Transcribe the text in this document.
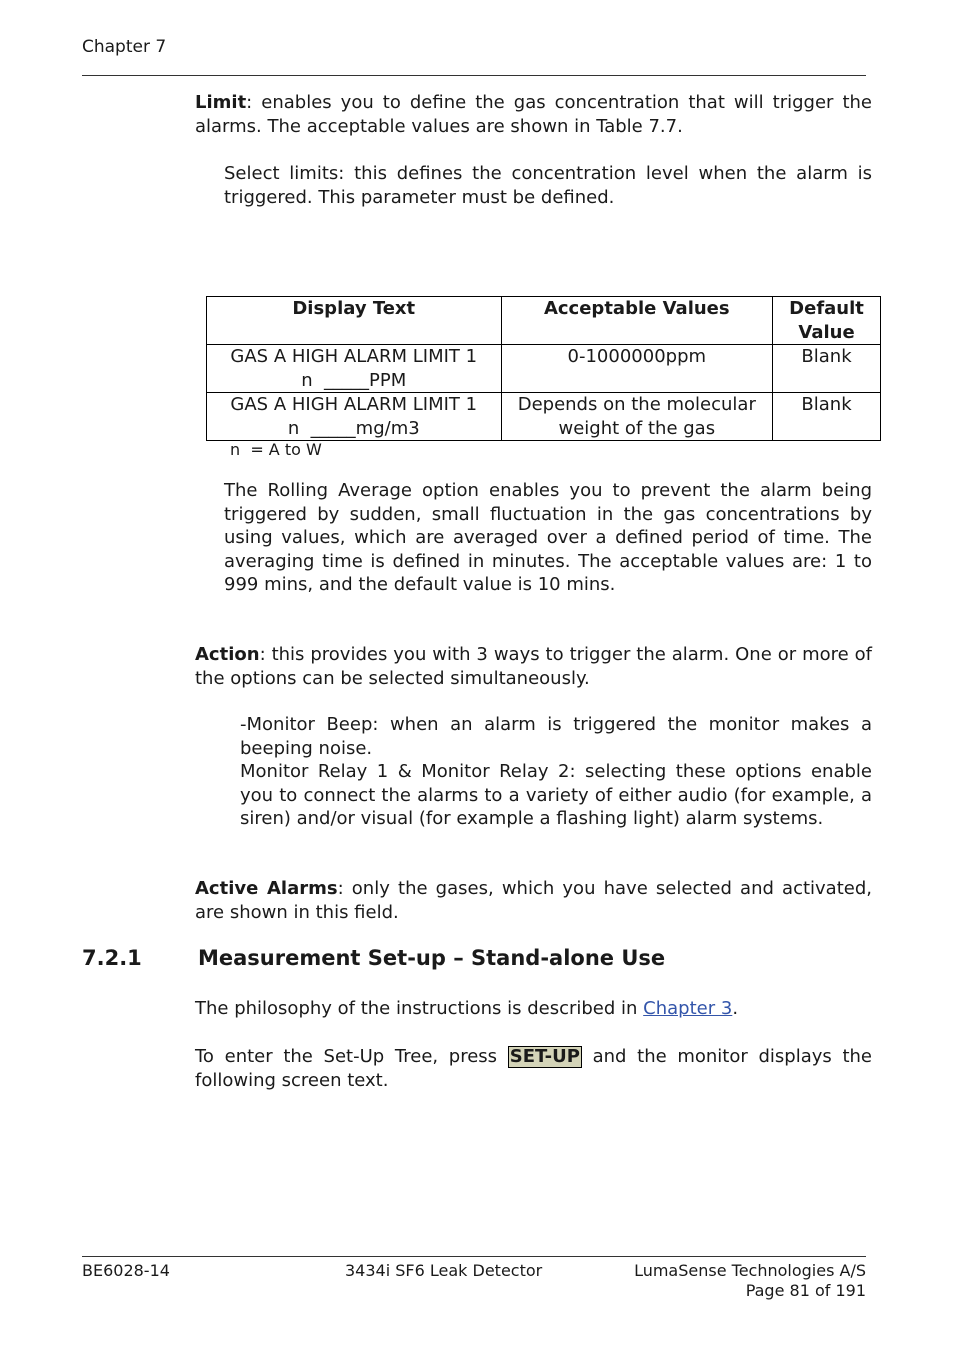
Chapter 7

Limit: enables you to define the gas concentration that will trigger the alarms. The acceptable values are shown in Table 7.7.

Select limits: this defines the concentration level when the alarm is triggered. This parameter must be defined.

Display Text	Acceptable Values	Default Value

GAS A HIGH ALARM LIMIT 1
n  _____PPM	0-1000000ppm	Blank

GAS A HIGH ALARM LIMIT 1
n  _____mg/m3	Depends on the molecular weight of the gas	Blank
n  = A to W

The Rolling Average option enables you to prevent the alarm being triggered by sudden, small fluctuation in the gas concentrations by using values, which are averaged over a defined period of time. The averaging time is defined in minutes. The acceptable values are: 1 to 999 mins, and the default value is 10 mins.

Action: this provides you with 3 ways to trigger the alarm. One or more of the options can be selected simultaneously.

-Monitor Beep: when an alarm is triggered the monitor makes a beeping noise.

Monitor Relay 1 & Monitor Relay 2: selecting these options enable you to connect the alarms to a variety of either audio (for example, a siren) and/or visual (for example a flashing light) alarm systems.

Active Alarms: only the gases, which you have selected and activated, are shown in this field.

7.2.1	Measurement Set-up – Stand-alone Use

The philosophy of the instructions is described in Chapter 3.

To enter the Set-Up Tree, press SET-UP and the monitor displays the following screen text.

BE6028-14	3434i SF6 Leak Detector	LumaSense Technologies A/S
Page 81 of 191
